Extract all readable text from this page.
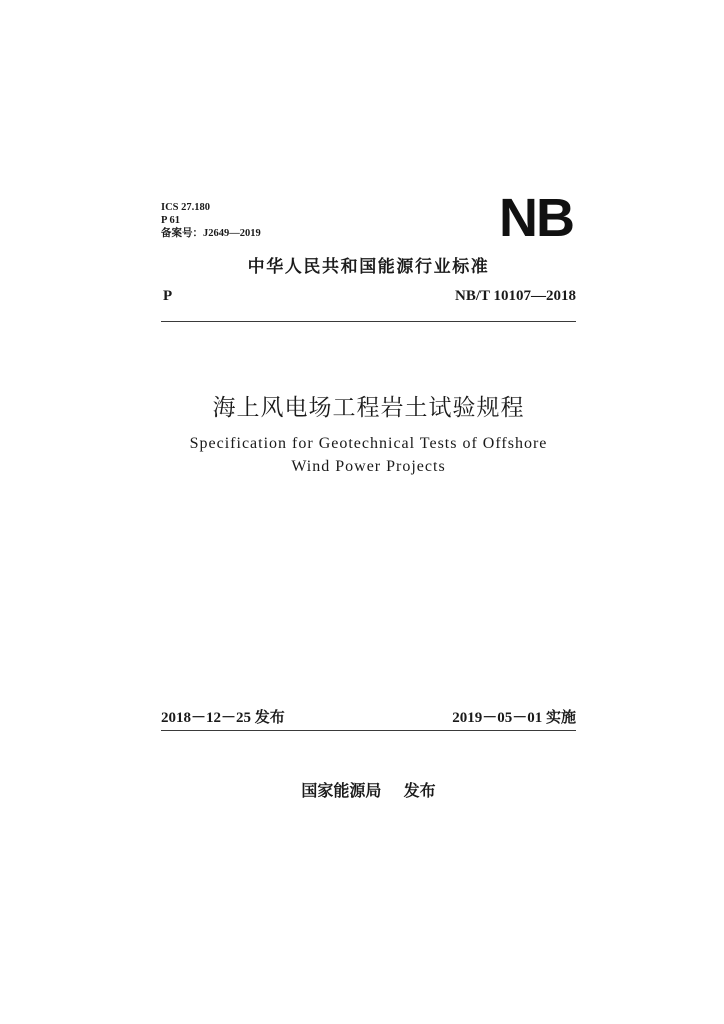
ICS 27.180
P 61
备案号：J2649—2019	NB
中华人民共和国能源行业标准
P	NB/T 10107—2018
海上风电场工程岩土试验规程
Specification for Geotechnical Tests of Offshore
Wind Power Projects
2018－12－25 发布	2019－05－01 实施
国家能源局    发布
